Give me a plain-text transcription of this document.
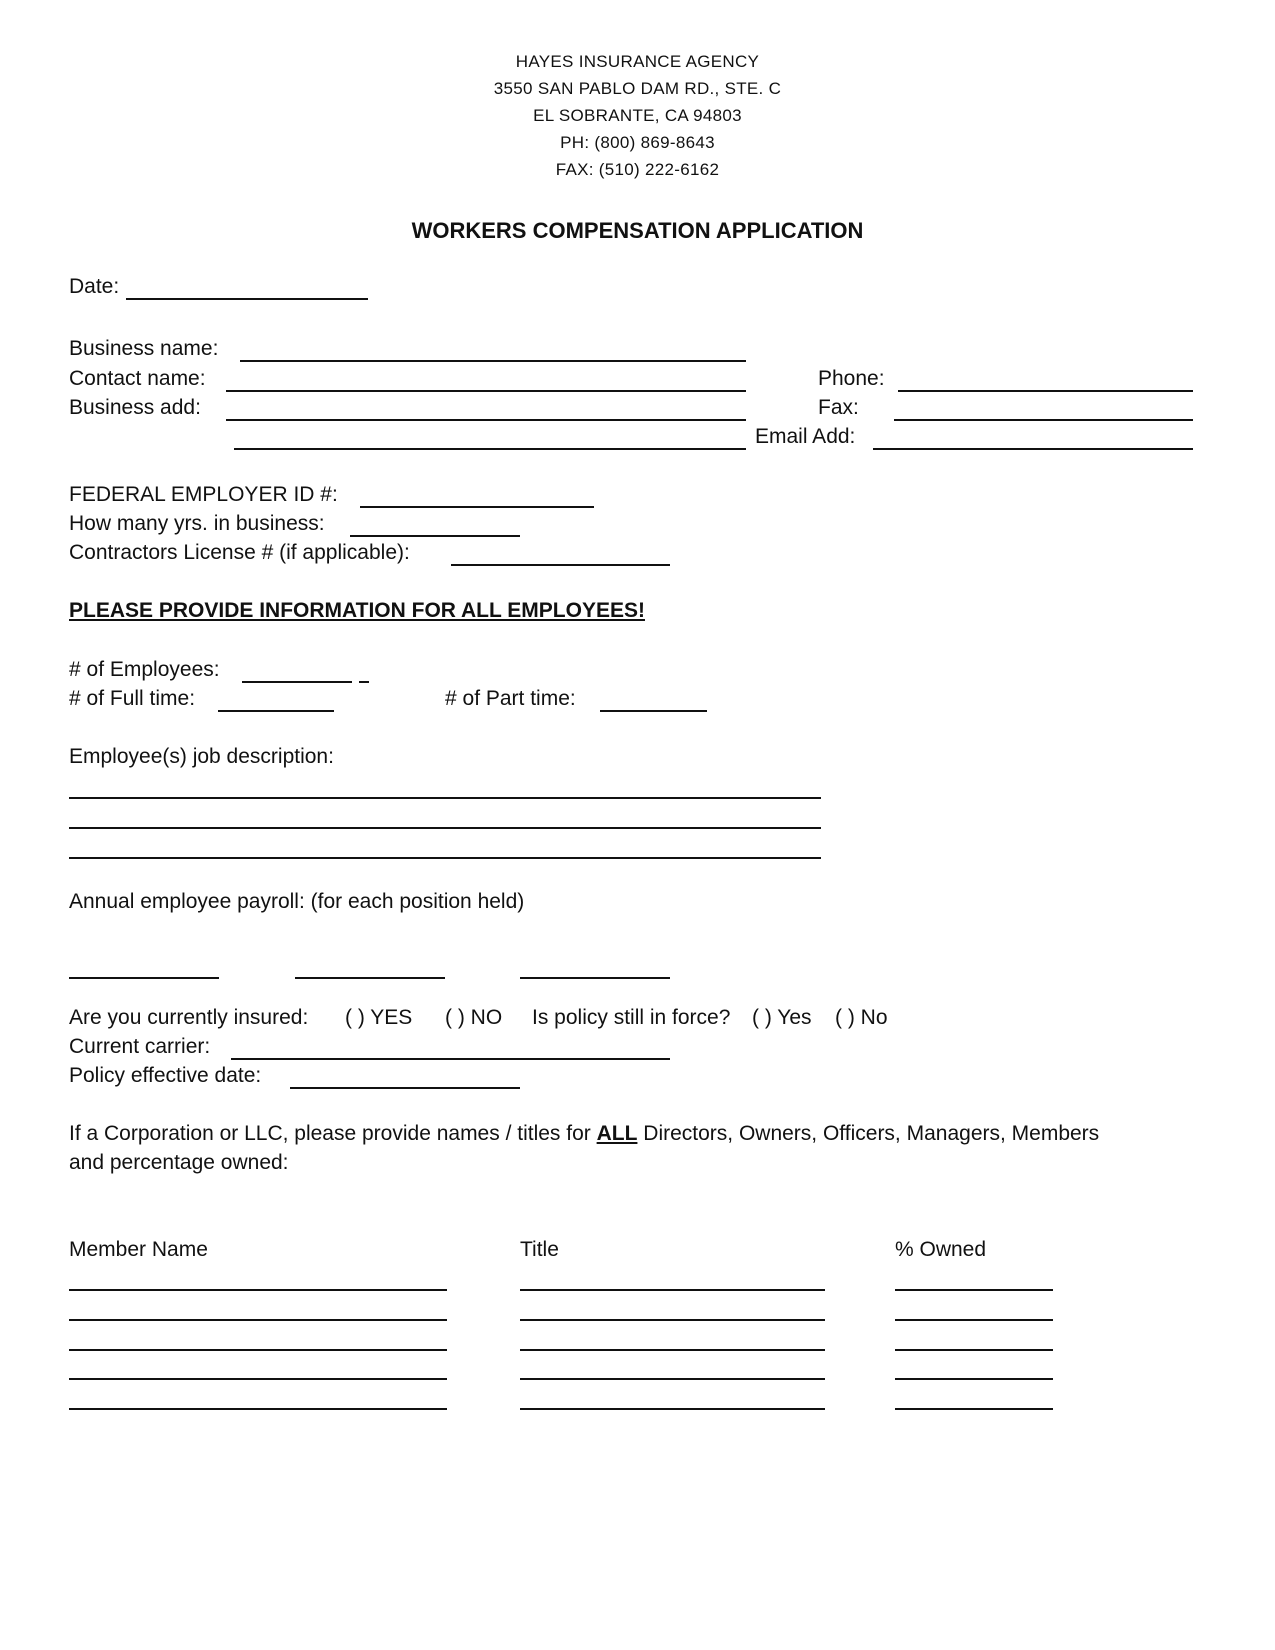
HAYES INSURANCE AGENCY
3550 SAN PABLO DAM RD., STE. C
EL SOBRANTE, CA 94803
PH: (800) 869-8643
FAX: (510) 222-6162
WORKERS COMPENSATION APPLICATION
Date:
Business name:
Contact name:
Business add:
Phone:
Fax:
Email Add:
FEDERAL EMPLOYER ID #:
How many yrs. in business:
Contractors License # (if applicable):
PLEASE PROVIDE INFORMATION FOR ALL EMPLOYEES!
# of Employees:
# of Full time:	# of Part time:
Employee(s) job description:
Annual employee payroll: (for each position held)
Are you currently insured: ( ) YES ( ) NO Is policy still in force? ( ) Yes ( ) No
Current carrier:
Policy effective date:
If a Corporation or LLC, please provide names / titles for ALL Directors, Owners, Officers, Managers, Members
and percentage owned:
Member Name	Title	% Owned
